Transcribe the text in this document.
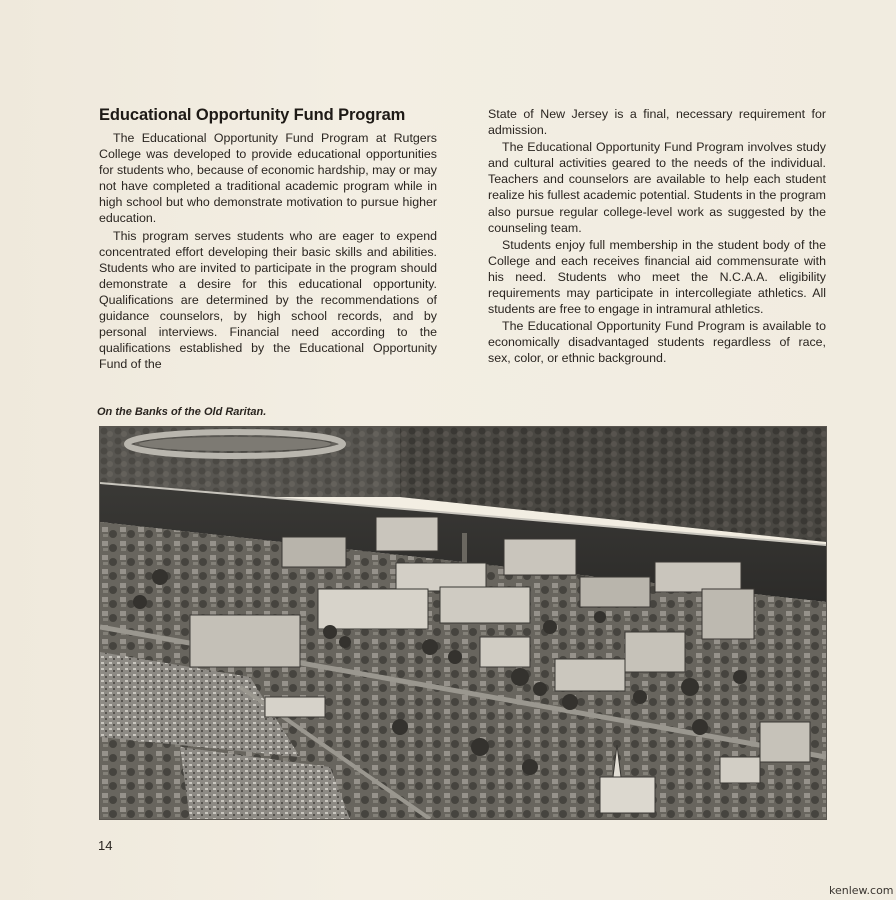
Educational Opportunity Fund Program

The Educational Opportunity Fund Program at Rutgers College was developed to provide educational opportunities for students who, because of economic hardship, may or may not have completed a traditional academic program while in high school but who demonstrate motivation to pursue higher education.

This program serves students who are eager to expend concentrated effort developing their basic skills and abilities. Students who are invited to participate in the program should demonstrate a desire for this educational opportunity. Qualifications are determined by the recommendations of guidance counselors, by high school records, and by personal interviews. Financial need according to the qualifications established by the Educational Opportunity Fund of the

State of New Jersey is a final, necessary requirement for admission.

The Educational Opportunity Fund Program involves study and cultural activities geared to the needs of the individual. Teachers and counselors are available to help each student realize his fullest academic potential. Students in the program also pursue regular college-level work as suggested by the counseling team.

Students enjoy full membership in the student body of the College and each receives financial aid commensurate with his need. Students who meet the N.C.A.A. eligibility requirements may participate in intercollegiate athletics. All students are free to engage in intramural athletics.

The Educational Opportunity Fund Program is available to economically disadvantaged students regardless of race, sex, color, or ethnic background.

On the Banks of the Old Raritan.
14
kenlew.com
